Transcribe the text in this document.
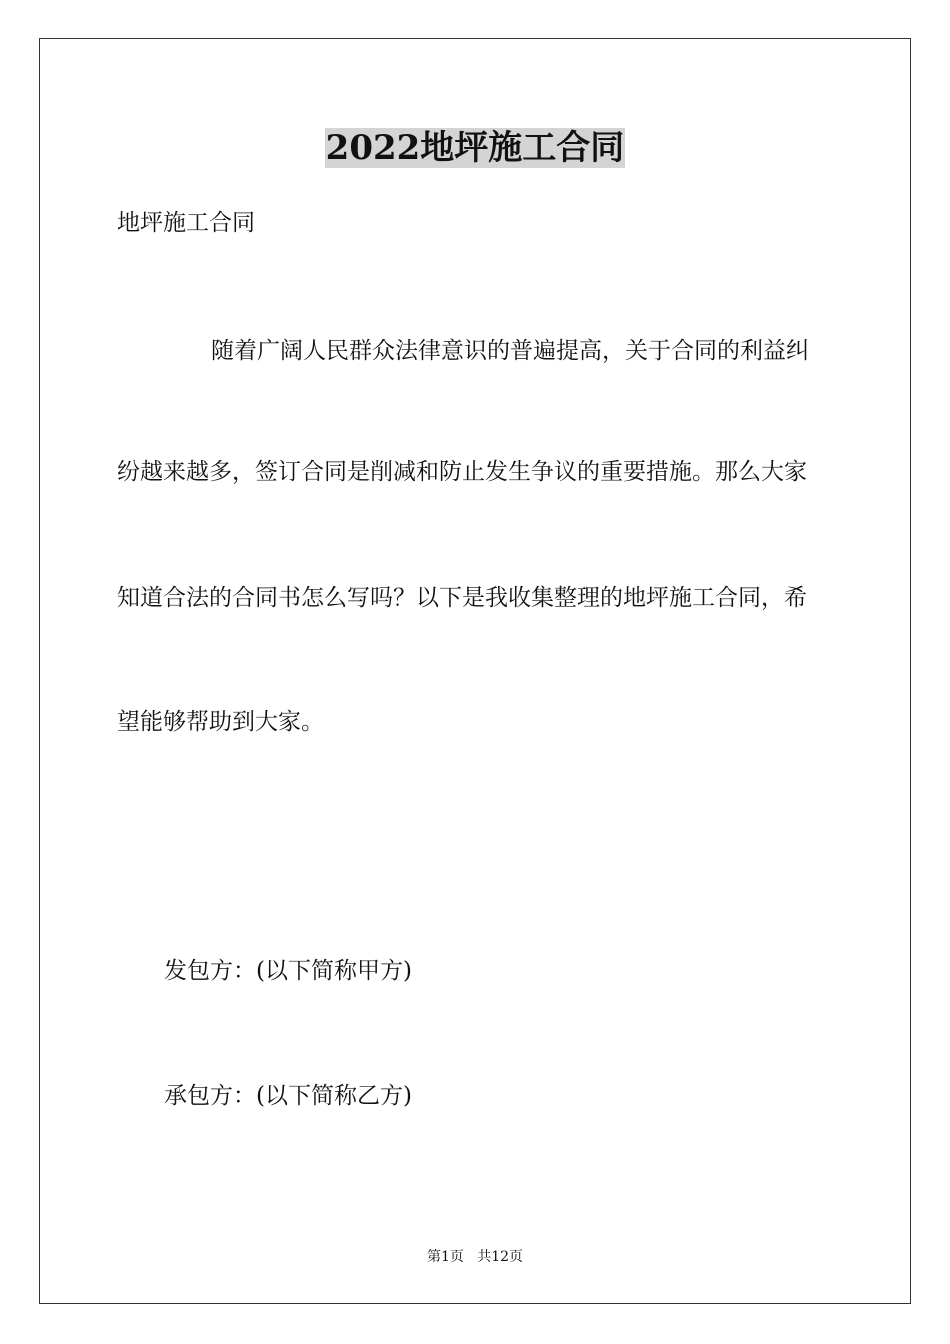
2022地坪施工合同

地坪施工合同

随着广阔人民群众法律意识的普遍提高，关于合同的利益纠

纷越来越多，签订合同是削减和防止发生争议的重要措施。那么大家

知道合法的合同书怎么写吗？以下是我收集整理的地坪施工合同，希

望能够帮助到大家。

发包方：(以下简称甲方)

承包方：(以下简称乙方)

第1页   共12页
